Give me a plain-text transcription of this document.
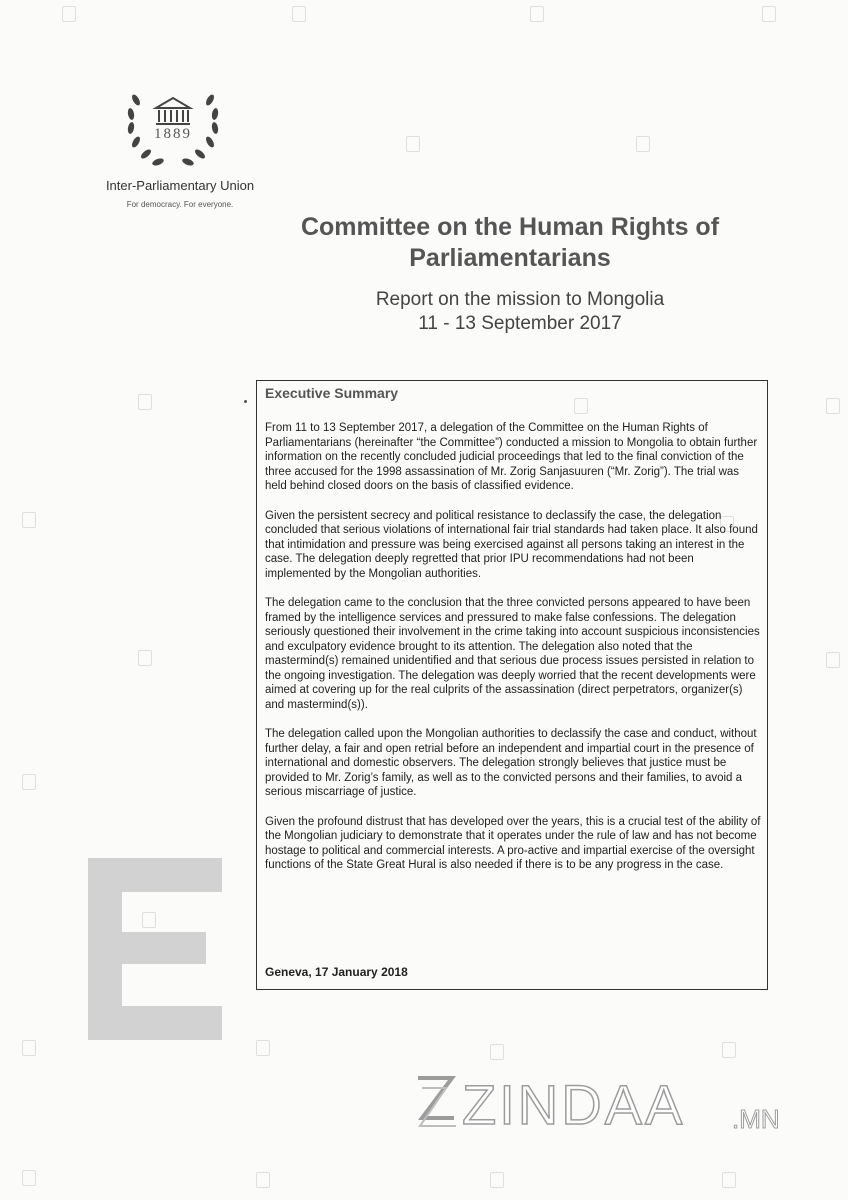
1889
Inter-Parliamentary Union
For democracy. For everyone.
Committee on the Human Rights of
Parliamentarians
Report on the mission to Mongolia
11 - 13 September 2017
Executive Summary

From 11 to 13 September 2017, a delegation of the Committee on the Human Rights of Parliamentarians (hereinafter “the Committee”) conducted a mission to Mongolia to obtain further information on the recently concluded judicial proceedings that led to the final conviction of the three accused for the 1998 assassination of Mr. Zorig Sanjasuuren (“Mr. Zorig”). The trial was held behind closed doors on the basis of classified evidence.

Given the persistent secrecy and political resistance to declassify the case, the delegation concluded that serious violations of international fair trial standards had taken place. It also found that intimidation and pressure was being exercised against all persons taking an interest in the case. The delegation deeply regretted that prior IPU recommendations had not been implemented by the Mongolian authorities.

The delegation came to the conclusion that the three convicted persons appeared to have been framed by the intelligence services and pressured to make false confessions. The delegation seriously questioned their involvement in the crime taking into account suspicious inconsistencies and exculpatory evidence brought to its attention. The delegation also noted that the mastermind(s) remained unidentified and that serious due process issues persisted in relation to the ongoing investigation. The delegation was deeply worried that the recent developments were aimed at covering up for the real culprits of the assassination (direct perpetrators, organizer(s) and mastermind(s)).

The delegation called upon the Mongolian authorities to declassify the case and conduct, without further delay, a fair and open retrial before an independent and impartial court in the presence of international and domestic observers. The delegation strongly believes that justice must be provided to Mr. Zorig’s family, as well as to the convicted persons and their families, to avoid a serious miscarriage of justice.

Given the profound distrust that has developed over the years, this is a crucial test of the ability of the Mongolian judiciary to demonstrate that it operates under the rule of law and has not become hostage to political and commercial interests. A pro-active and impartial exercise of the oversight functions of the State Great Hural is also needed if there is to be any progress in the case.

Geneva, 17 January 2018
ZINDAA .MN
